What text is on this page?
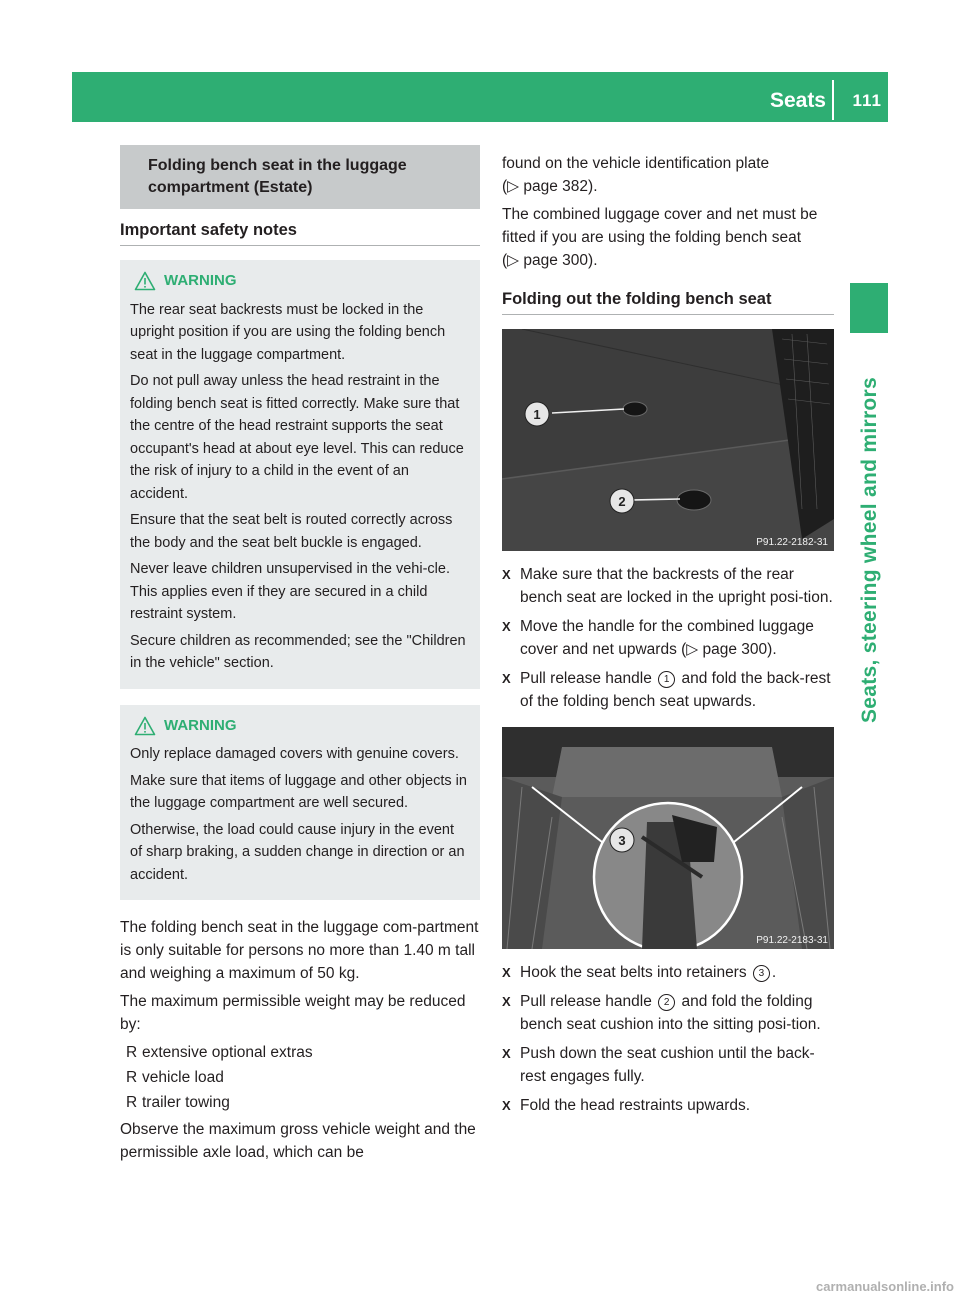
Seats 111
Seats, steering wheel and mirrors
Folding bench seat in the luggage
compartment (Estate)
Important safety notes
WARNING

The rear seat backrests must be locked in the upright position if you are using the folding bench seat in the luggage compartment.

Do not pull away unless the head restraint in the folding bench seat is fitted correctly. Make sure that the centre of the head restraint supports the seat occupant's head at about eye level. This can reduce the risk of injury to a child in the event of an accident.

Ensure that the seat belt is routed correctly across the body and the seat belt buckle is engaged.

Never leave children unsupervised in the vehi-cle. This applies even if they are secured in a child restraint system.

Secure children as recommended; see the "Children in the vehicle" section.

WARNING

Only replace damaged covers with genuine covers.

Make sure that items of luggage and other objects in the luggage compartment are well secured.

Otherwise, the load could cause injury in the event of sharp braking, a sudden change in direction or an accident.

The folding bench seat in the luggage com-partment is only suitable for persons no more than 1.40 m tall and weighing a maximum of 50 kg.

The maximum permissible weight may be reduced by:

R extensive optional extras
R vehicle load
R trailer towing

Observe the maximum gross vehicle weight and the permissible axle load, which can be

found on the vehicle identification plate

(▷ page 382).

The combined luggage cover and net must be fitted if you are using the folding bench seat

(▷ page 300).

Folding out the folding bench seat
1
2
P91.22-2182-31
X Make sure that the backrests of the rear bench seat are locked in the upright posi-tion.
X Move the handle for the combined luggage cover and net upwards (▷ page 300).
X Pull release handle 1 and fold the back-rest of the folding bench seat upwards.
3
P91.22-2183-31
X Hook the seat belts into retainers 3 .
X Pull release handle 2 and fold the folding bench seat cushion into the sitting posi-tion.
X Push down the seat cushion until the back-rest engages fully.
X Fold the head restraints upwards.
carmanualsonline.info
